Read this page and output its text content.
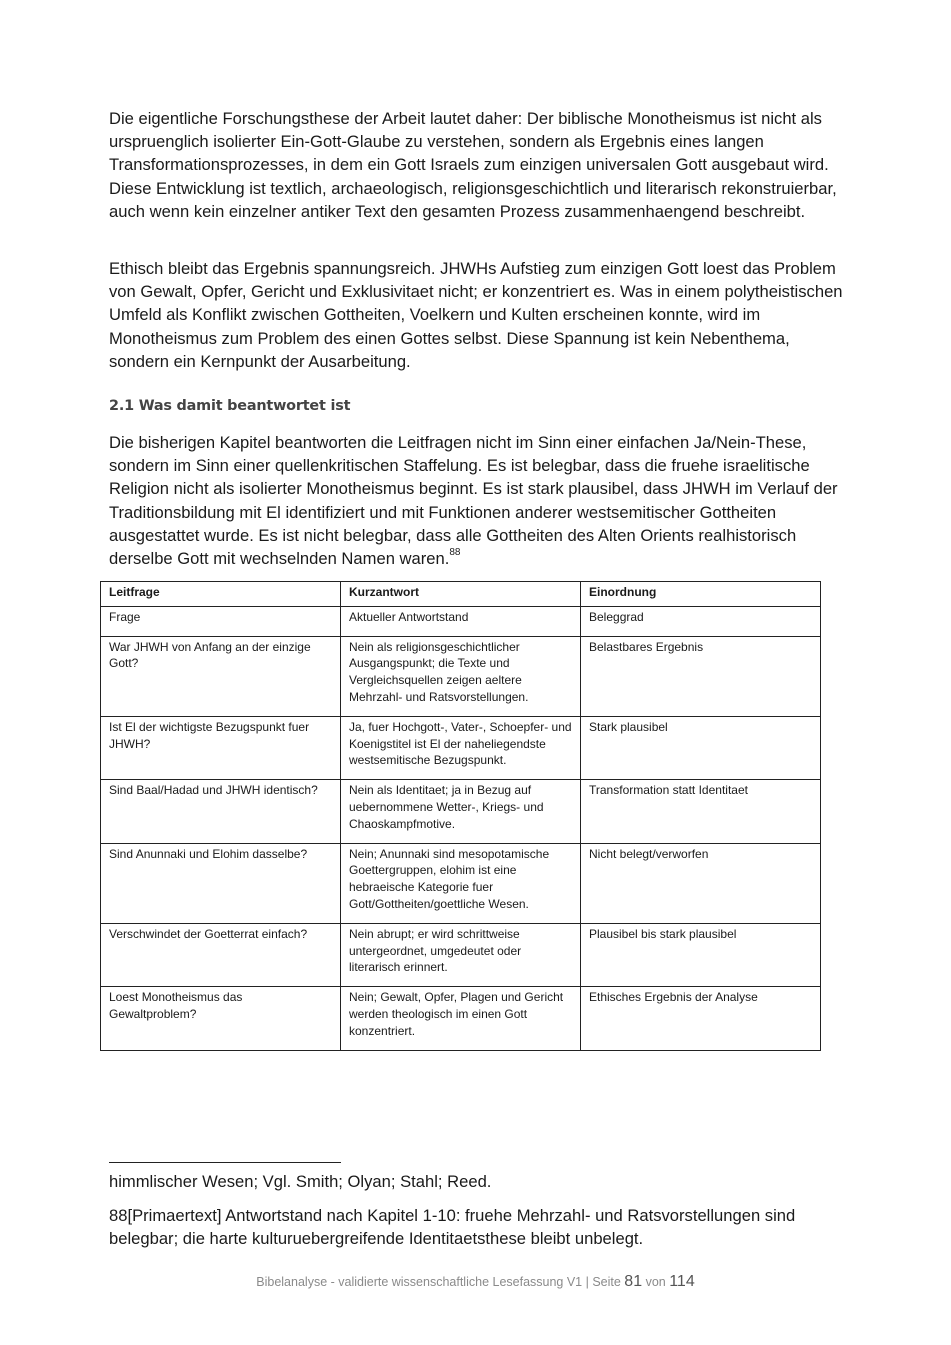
Die eigentliche Forschungsthese der Arbeit lautet daher: Der biblische Monotheismus ist nicht als urspruenglich isolierter Ein-Gott-Glaube zu verstehen, sondern als Ergebnis eines langen Transformationsprozesses, in dem ein Gott Israels zum einzigen universalen Gott ausgebaut wird. Diese Entwicklung ist textlich, archaeologisch, religionsgeschichtlich und literarisch rekonstruierbar, auch wenn kein einzelner antiker Text den gesamten Prozess zusammenhaengend beschreibt.

Ethisch bleibt das Ergebnis spannungsreich. JHWHs Aufstieg zum einzigen Gott loest das Problem von Gewalt, Opfer, Gericht und Exklusivitaet nicht; er konzentriert es. Was in einem polytheistischen Umfeld als Konflikt zwischen Gottheiten, Voelkern und Kulten erscheinen konnte, wird im Monotheismus zum Problem des einen Gottes selbst. Diese Spannung ist kein Nebenthema, sondern ein Kernpunkt der Ausarbeitung.

2.1 Was damit beantwortet ist

Die bisherigen Kapitel beantworten die Leitfragen nicht im Sinn einer einfachen Ja/Nein-These, sondern im Sinn einer quellenkritischen Staffelung. Es ist belegbar, dass die fruehe israelitische Religion nicht als isolierter Monotheismus beginnt. Es ist stark plausibel, dass JHWH im Verlauf der Traditionsbildung mit El identifiziert und mit Funktionen anderer westsemitischer Gottheiten ausgestattet wurde. Es ist nicht belegbar, dass alle Gottheiten des Alten Orients realhistorisch derselbe Gott mit wechselnden Namen waren.$^{88}$

Leitfrage	Kurzantwort	Einordnung
Frage	Aktueller Antwortstand	Beleggrad
War JHWH von Anfang an der einzige Gott?	Nein als religionsgeschichtlicher Ausgangspunkt; die Texte und Vergleichsquellen zeigen aeltere Mehrzahl- und Ratsvorstellungen.	Belastbares Ergebnis
Ist El der wichtigste Bezugspunkt fuer JHWH?	Ja, fuer Hochgott-, Vater-, Schoepfer- und Koenigstitel ist El der naheliegendste westsemitische Bezugspunkt.	Stark plausibel
Sind Baal/Hadad und JHWH identisch?	Nein als Identitaet; ja in Bezug auf uebernommene Wetter-, Kriegs- und Chaoskampfmotive.	Transformation statt Identitaet
Sind Anunnaki und Elohim dasselbe?	Nein; Anunnaki sind mesopotamische Goettergruppen, elohim ist eine hebraeische Kategorie fuer Gott/Gottheiten/goettliche Wesen.	Nicht belegt/verworfen
Verschwindet der Goetterrat einfach?	Nein abrupt; er wird schrittweise untergeordnet, umgedeutet oder literarisch erinnert.	Plausibel bis stark plausibel
Loest Monotheismus das Gewaltproblem?	Nein; Gewalt, Opfer, Plagen und Gericht werden theologisch im einen Gott konzentriert.	Ethisches Ergebnis der Analyse

himmlischer Wesen; Vgl. Smith; Olyan; Stahl; Reed.

88[Primaertext] Antwortstand nach Kapitel 1-10: fruehe Mehrzahl- und Ratsvorstellungen sind belegbar; die harte kulturuebergreifende Identitaetsthese bleibt unbelegt.

Bibelanalyse - validierte wissenschaftliche Lesefassung V1 | Seite 81 von 114
